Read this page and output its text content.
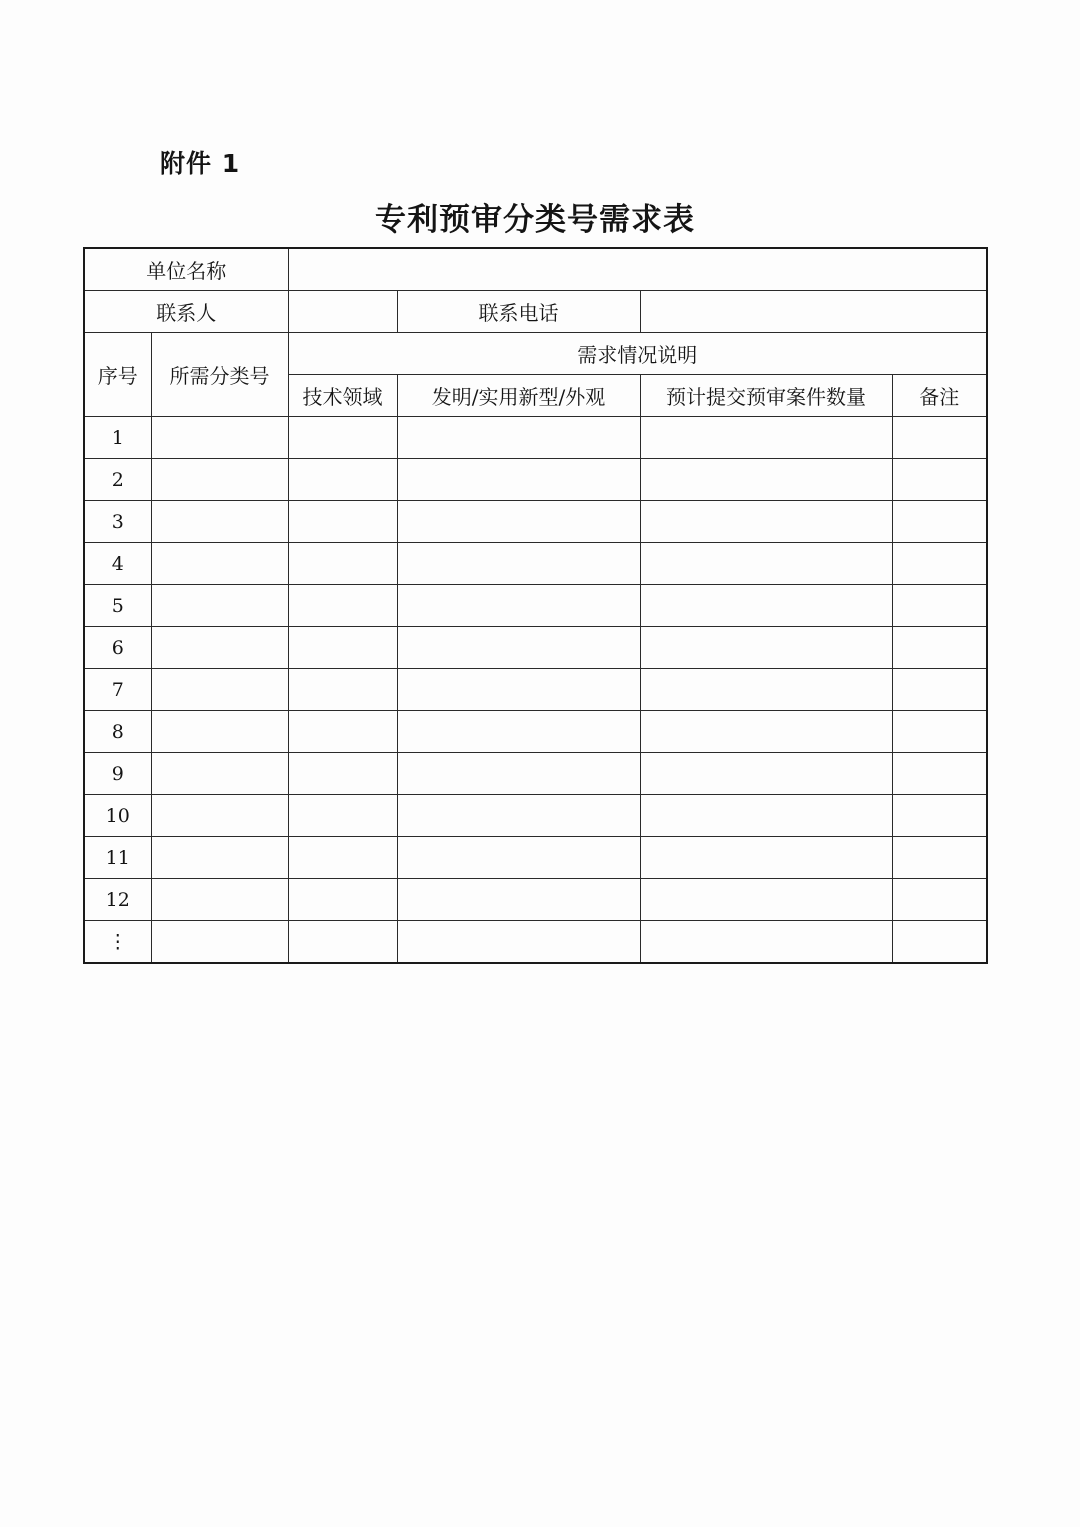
附件 1
专利预审分类号需求表
单位名称					
联系人			联系电话		
序号	所需分类号	需求情况说明			
		技术领域	发明/实用新型/外观	预计提交预审案件数量	备注
1					
2					
3					
4					
5					
6					
7					
8					
9					
10					
11					
12					
⋮					
